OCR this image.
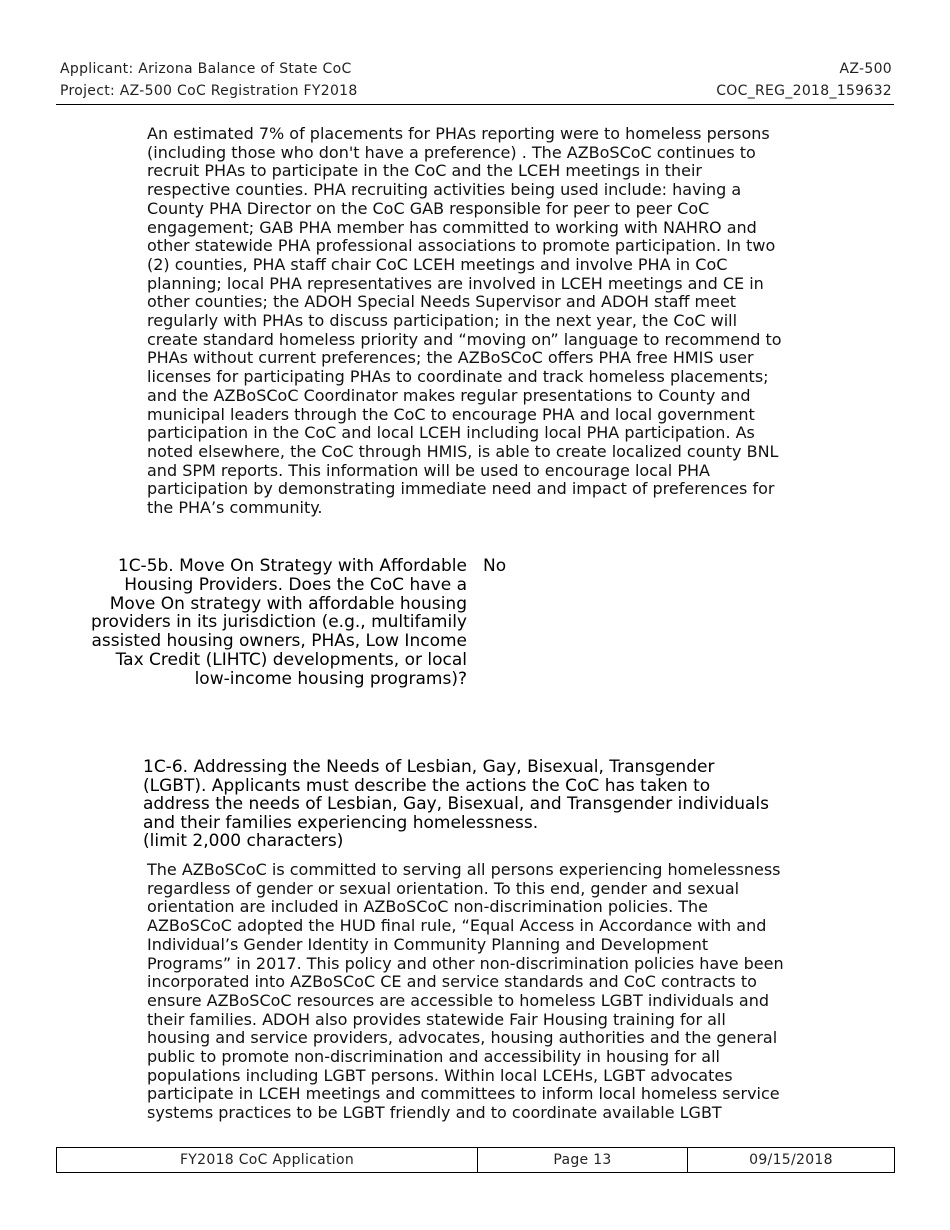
Applicant: Arizona Balance of State CoC
Project: AZ-500 CoC Registration FY2018
AZ-500
COC_REG_2018_159632

An estimated 7% of placements for PHAs reporting were to homeless persons
(including those who don't have a preference) . The AZBoSCoC continues to
recruit PHAs to participate in the CoC and the LCEH meetings in their
respective counties. PHA recruiting activities being used include: having a
County PHA Director on the CoC GAB responsible for peer to peer CoC
engagement; GAB PHA member has committed to working with NAHRO and
other statewide PHA professional associations to promote participation. In two
(2) counties, PHA staff chair CoC LCEH meetings and involve PHA in CoC
planning; local PHA representatives are involved in LCEH meetings and CE in
other counties; the ADOH Special Needs Supervisor and ADOH staff meet
regularly with PHAs to discuss participation; in the next year, the CoC will
create standard homeless priority and “moving on” language to recommend to
PHAs without current preferences; the AZBoSCoC offers PHA free HMIS user
licenses for participating PHAs to coordinate and track homeless placements;
and the AZBoSCoC Coordinator makes regular presentations to County and
municipal leaders through the CoC to encourage PHA and local government
participation in the CoC and local LCEH including local PHA participation. As
noted elsewhere, the CoC through HMIS, is able to create localized county BNL
and SPM reports. This information will be used to encourage local PHA
participation by demonstrating immediate need and impact of preferences for
the PHA’s community.

1C-5b. Move On Strategy with Affordable
Housing Providers. Does the CoC have a
Move On strategy with affordable housing
providers in its jurisdiction (e.g., multifamily
assisted housing owners, PHAs, Low Income
Tax Credit (LIHTC) developments, or local
low-income housing programs)?
No
1C-6. Addressing the Needs of Lesbian, Gay, Bisexual, Transgender
(LGBT). Applicants must describe the actions the CoC has taken to
address the needs of Lesbian, Gay, Bisexual, and Transgender individuals
and their families experiencing homelessness.
(limit 2,000 characters)

The AZBoSCoC is committed to serving all persons experiencing homelessness
regardless of gender or sexual orientation. To this end, gender and sexual
orientation are included in AZBoSCoC non-discrimination policies. The
AZBoSCoC adopted the HUD final rule, “Equal Access in Accordance with and
Individual’s Gender Identity in Community Planning and Development
Programs” in 2017. This policy and other non-discrimination policies have been
incorporated into AZBoSCoC CE and service standards and CoC contracts to
ensure AZBoSCoC resources are accessible to homeless LGBT individuals and
their families. ADOH also provides statewide Fair Housing training for all
housing and service providers, advocates, housing authorities and the general
public to promote non-discrimination and accessibility in housing for all
populations including LGBT persons. Within local LCEHs, LGBT advocates
participate in LCEH meetings and committees to inform local homeless service
systems practices to be LGBT friendly and to coordinate available LGBT

FY2018 CoC Application	Page 13	09/15/2018
